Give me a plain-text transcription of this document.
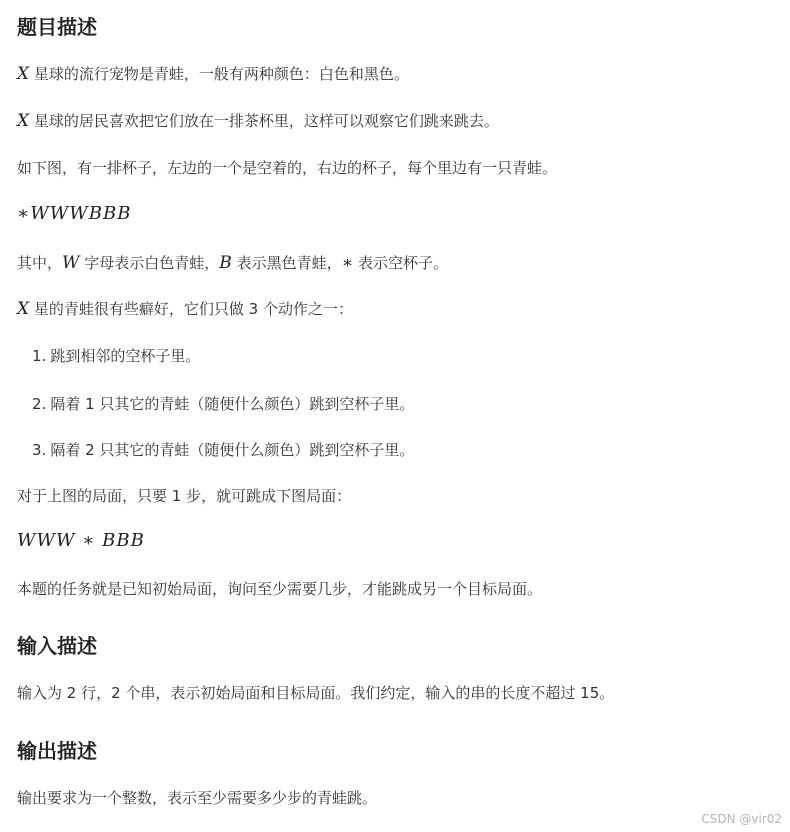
题目描述
X 星球的流行宠物是青蛙，一般有两种颜色：白色和黑色。
X 星球的居民喜欢把它们放在一排茶杯里，这样可以观察它们跳来跳去。
如下图，有一排杯子，左边的一个是空着的，右边的杯子，每个里边有一只青蛙。
∗WWWBBB
其中，W 字母表示白色青蛙，B 表示黑色青蛙，∗ 表示空杯子。
X 星的青蛙很有些癖好，它们只做 3 个动作之一：
1. 跳到相邻的空杯子里。
2. 隔着 1 只其它的青蛙（随便什么颜色）跳到空杯子里。
3. 隔着 2 只其它的青蛙（随便什么颜色）跳到空杯子里。
对于上图的局面，只要 1 步，就可跳成下图局面：
WWW ∗ BBB
本题的任务就是已知初始局面，询问至少需要几步，才能跳成另一个目标局面。
输入描述
输入为 2 行，2 个串，表示初始局面和目标局面。我们约定，输入的串的长度不超过 15。
输出描述
输出要求为一个整数，表示至少需要多少步的青蛙跳。
CSDN @vir02
